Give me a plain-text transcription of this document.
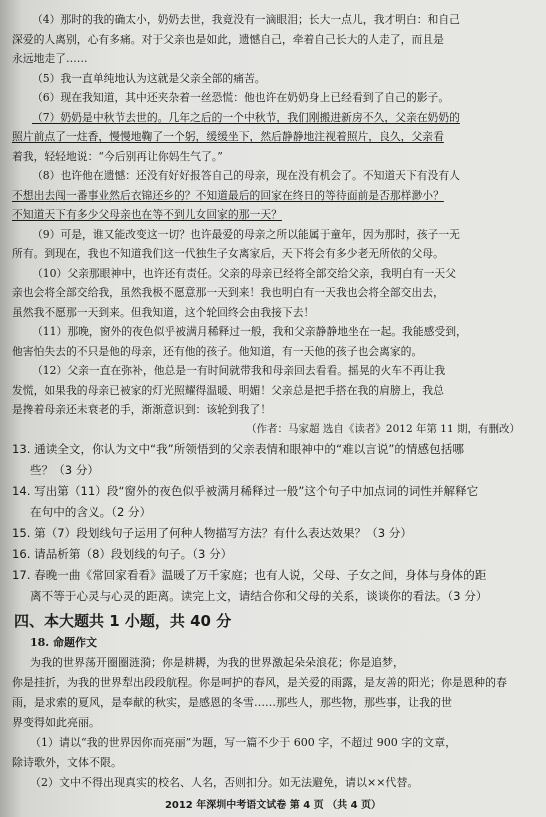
（4）那时的我的确太小，奶奶去世，我竟没有一滴眼泪；长大一点儿，我才明白：和自己
深爱的人离别，心有多痛。对于父亲也是如此，遗憾自己，牵着自己长大的人走了，而且是
永远地走了……

（5）我一直单纯地认为这就是父亲全部的痛苦。

（6）现在我知道，其中还夹杂着一丝恐慌：他也许在奶奶身上已经看到了自己的影子。

（7）奶奶是中秋节去世的。几年之后的一个中秋节，我们刚搬进新房不久，父亲在奶奶的
照片前点了一炷香，慢慢地鞠了一个躬，缓缓坐下，然后静静地注视着照片，良久，父亲看
着我，轻轻地说：“今后别再让你妈生气了。”

（8）也许他在遗憾：还没有好好报答自己的母亲，现在没有机会了。不知道天下有没有人
不想出去闯一番事业然后衣锦还乡的？不知道最后的回家在终日的等待面前是否那样渺小？
不知道天下有多少父母亲也在等不到儿女回家的那一天？

（9）可是，谁又能改变这一切？也许最爱的母亲之所以能属于童年，因为那时，孩子一无
所有。到现在，我也不知道我们这一代独生子女离家后，天下将会有多少老无所依的父母。

（10）父亲那眼神中，也许还有责任。父亲的母亲已经将全部交给父亲，我明白有一天父
亲也会将全部交给我，虽然我极不愿意那一天到来！我也明白有一天我也会将全部交出去，
虽然我不愿那一天到来。但我知道，这个轮回终会由我接下去！

（11）那晚，窗外的夜色似乎被满月稀释过一般，我和父亲静静地坐在一起。我能感受到，
他害怕失去的不只是他的母亲，还有他的孩子。他知道，有一天他的孩子也会离家的。

（12）父亲一直在弥补，他总是一有时间就带我和母亲回去看看。摇晃的火车不再让我
发慌，如果我的母亲已被家的灯光照耀得温暖、明媚！父亲总是把手搭在我的肩膀上，我总
是搀着母亲还未衰老的手，渐渐意识到：该轮到我了！

（作者：马家超 选自《读者》2012 年第 11 期，有删改）
13. 通读全文，你认为文中“我”所领悟到的父亲表情和眼神中的“难以言说”的情感包括哪
些？（3 分）
14. 写出第（11）段“窗外的夜色似乎被满月稀释过一般”这个句子中加点词的词性并解释它
在句中的含义。（2 分）
15. 第（7）段划线句子运用了何种人物描写方法？有什么表达效果？（3 分）
16. 请品析第（8）段划线的句子。（3 分）
17. 春晚一曲《常回家看看》温暖了万千家庭；也有人说，父母、子女之间，身体与身体的距
离不等于心灵与心灵的距离。读完上文，请结合你和父母的关系，谈谈你的看法。（3 分）
四、本大题共 1 小题，共 40 分
18. 命题作文
为我的世界荡开圈圈涟漪；你是耕耨，为我的世界激起朵朵浪花；你是追梦，
你是挂折，为我的世界犁出段段航程。你是呵护的春风，是关爱的雨露，是友善的阳光；你是恩种的春
雨，是求索的夏风，是奉献的秋实，是感恩的冬雪……那些人，那些物，那些事，让我的世
界变得如此亮丽。
（1）请以“我的世界因你而亮丽”为题，写一篇不少于 600 字，不超过 900 字的文章，
除诗歌外，文体不限。
（2）文中不得出现真实的校名、人名，否则扣分。如无法避免，请以××代替。
2012 年深圳中考语文试卷 第 4 页 （共 4 页）
